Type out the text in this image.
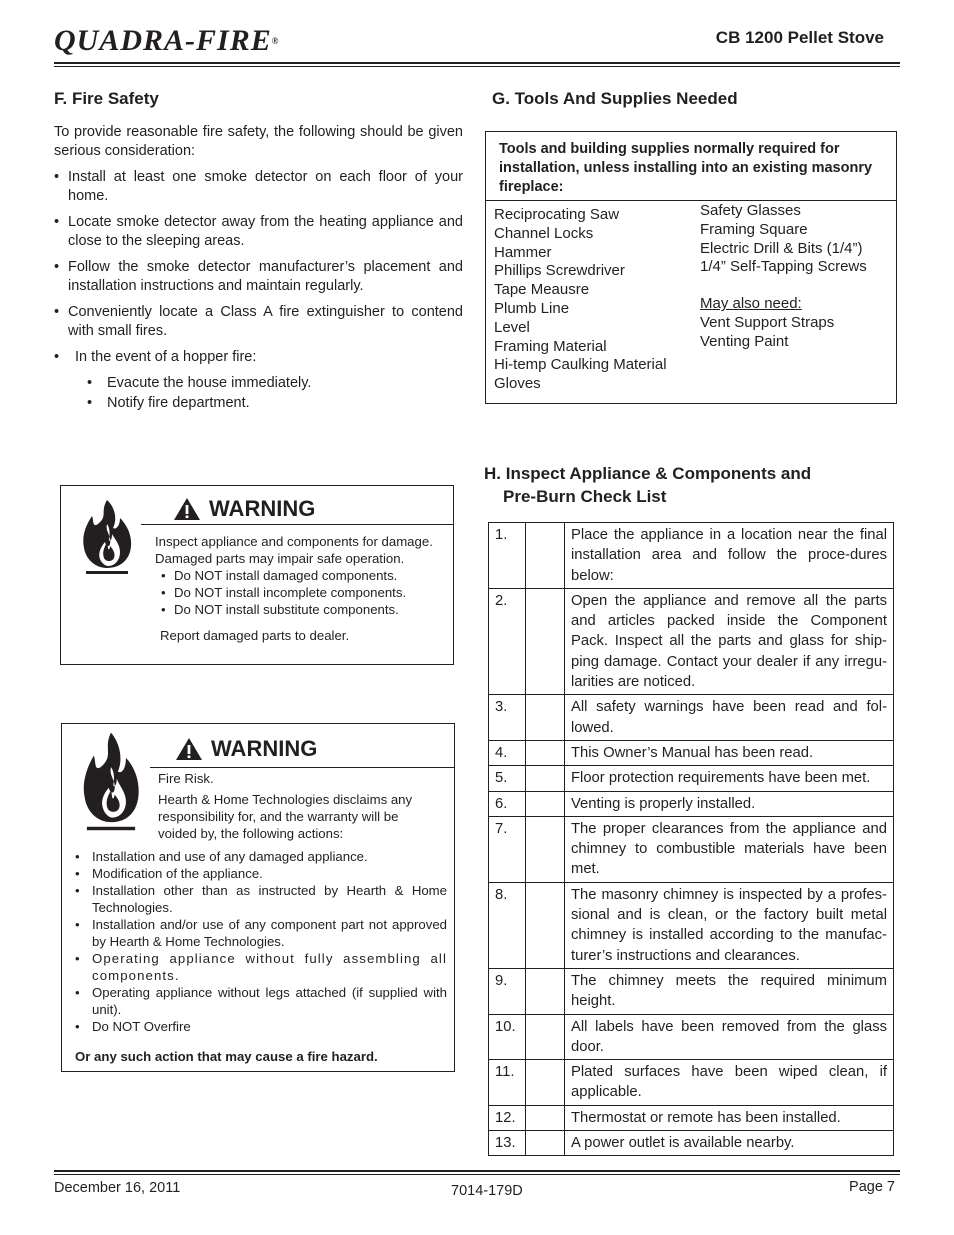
QUADRA-FIRE®	CB 1200 Pellet Stove
F. Fire Safety

To provide reasonable fire safety, the following should be given serious consideration:

• Install at least one smoke detector on each floor of your home.
• Locate smoke detector away from the heating appliance and close to the sleeping areas.
• Follow the smoke detector manufacturer’s placement and installation instructions and maintain regularly.
• Conveniently locate a Class A fire extinguisher to contend with small fires.
• In the event of a hopper fire:
• Evacute the house immediately.
• Notify fire department.
G. Tools And Supplies Needed
Tools and building supplies normally required for installation, unless installing into an existing masonry fireplace:
Reciprocating Saw
Channel Locks
Hammer
Phillips Screwdriver
Tape Meausre
Plumb Line
Level
Framing Material
Hi-temp Caulking Material
Gloves
Safety Glasses
Framing Square
Electric Drill & Bits (1/4”)
1/4” Self-Tapping Screws
May also need:
Vent Support Straps
Venting Paint
WARNING

Inspect appliance and components for damage. Damaged parts may impair safe operation.

• Do NOT install damaged components.
• Do NOT install incomplete components.
• Do NOT install substitute components.

Report damaged parts to dealer.

WARNING

Fire Risk.

Hearth & Home Technologies disclaims any responsibility for, and the warranty will be voided by, the following actions:

• Installation and use of any damaged appliance.
• Modification of the appliance.
• Installation other than as instructed by Hearth & Home Technologies.
• Installation and/or use of any component part not approved by Hearth & Home Technologies.
• Operating appliance without fully assembling all components.
• Operating appliance without legs attached (if supplied with unit).
• Do NOT Overfire
Or any such action that may cause a fire hazard.
H. Inspect Appliance & Components and
Pre-Burn Check List
1.		Place the appliance in a location near the final installation area and follow the proce-dures below:
2.		Open the appliance and remove all the parts and articles packed inside the Component Pack. Inspect all the parts and glass for ship-ping damage. Contact your dealer if any irregu-larities are noticed.
3.		All safety warnings have been read and fol-lowed.
4.		This Owner’s Manual has been read.
5.		Floor protection requirements have been met.
6.		Venting is properly installed.
7.		The proper clearances from the appliance and chimney to combustible materials have been met.
8.		The masonry chimney is inspected by a profes-sional and is clean, or the factory built metal chimney is installed according to the manufac-turer’s instructions and clearances.
9.		The chimney meets the required minimum height.
10.		All labels have been removed from the glass door.
11.		Plated surfaces have been wiped clean, if applicable.
12.		Thermostat or remote has been installed.
13.		A power outlet is available nearby.
December 16, 2011	7014-179D	Page 7
